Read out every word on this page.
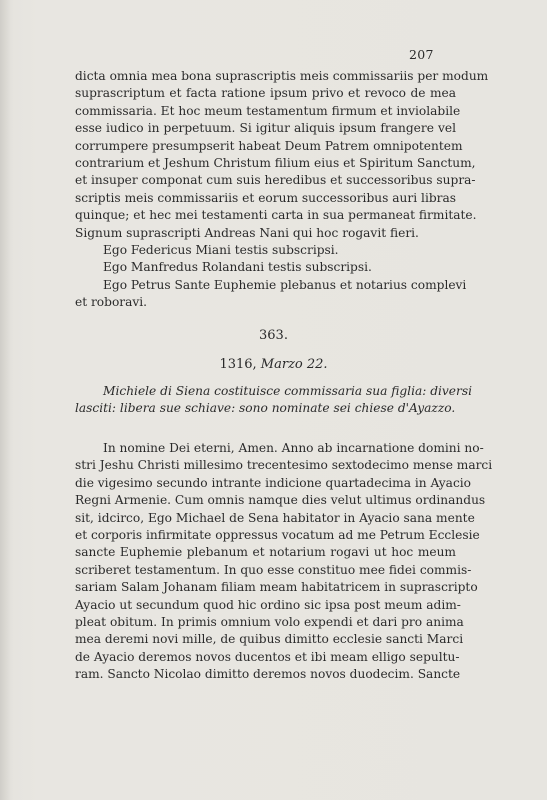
207
dicta omnia mea bona suprascriptis meis commissariis per modum
suprascriptum et facta ratione ipsum privo et revoco de mea
commissaria. Et hoc meum testamentum firmum et inviolabile
esse iudico in perpetuum. Si igitur aliquis ipsum frangere vel
corrumpere presumpserit habeat Deum Patrem omnipotentem
contrarium et Jeshum Christum filium eius et Spiritum Sanctum,
et insuper componat cum suis heredibus et successoribus supra-
scriptis meis commissariis et eorum successoribus auri libras
quinque; et hec mei testamenti carta in sua permaneat firmitate.
Signum suprascripti Andreas Nani qui hoc rogavit fieri.
Ego Federicus Miani testis subscripsi.
Ego Manfredus Rolandani testis subscripsi.
Ego Petrus Sante Euphemie plebanus et notarius complevi
et roboravi.
363.
1316, Marzo 22.
Michiele di Siena costituisce commissaria sua figlia: diversi
lasciti: libera sue schiave: sono nominate sei chiese d'Ayazzo.
In nomine Dei eterni, Amen. Anno ab incarnatione domini no-
stri Jeshu Christi millesimo trecentesimo sextodecimo mense marci
die vigesimo secundo intrante indicione quartadecima in Ayacio
Regni Armenie. Cum omnis namque dies velut ultimus ordinandus
sit, idcirco, Ego Michael de Sena habitator in Ayacio sana mente
et corporis infirmitate oppressus vocatum ad me Petrum Ecclesie
sancte Euphemie plebanum et notarium rogavi ut hoc meum
scriberet testamentum. In quo esse constituo mee fidei commis-
sariam Salam Johanam filiam meam habitatricem in suprascripto
Ayacio ut secundum quod hic ordino sic ipsa post meum adim-
pleat obitum. In primis omnium volo expendi et dari pro anima
mea deremi novi mille, de quibus dimitto ecclesie sancti Marci
de Ayacio deremos novos ducentos et ibi meam elligo sepultu-
ram. Sancto Nicolao dimitto deremos novos duodecim. Sancte
